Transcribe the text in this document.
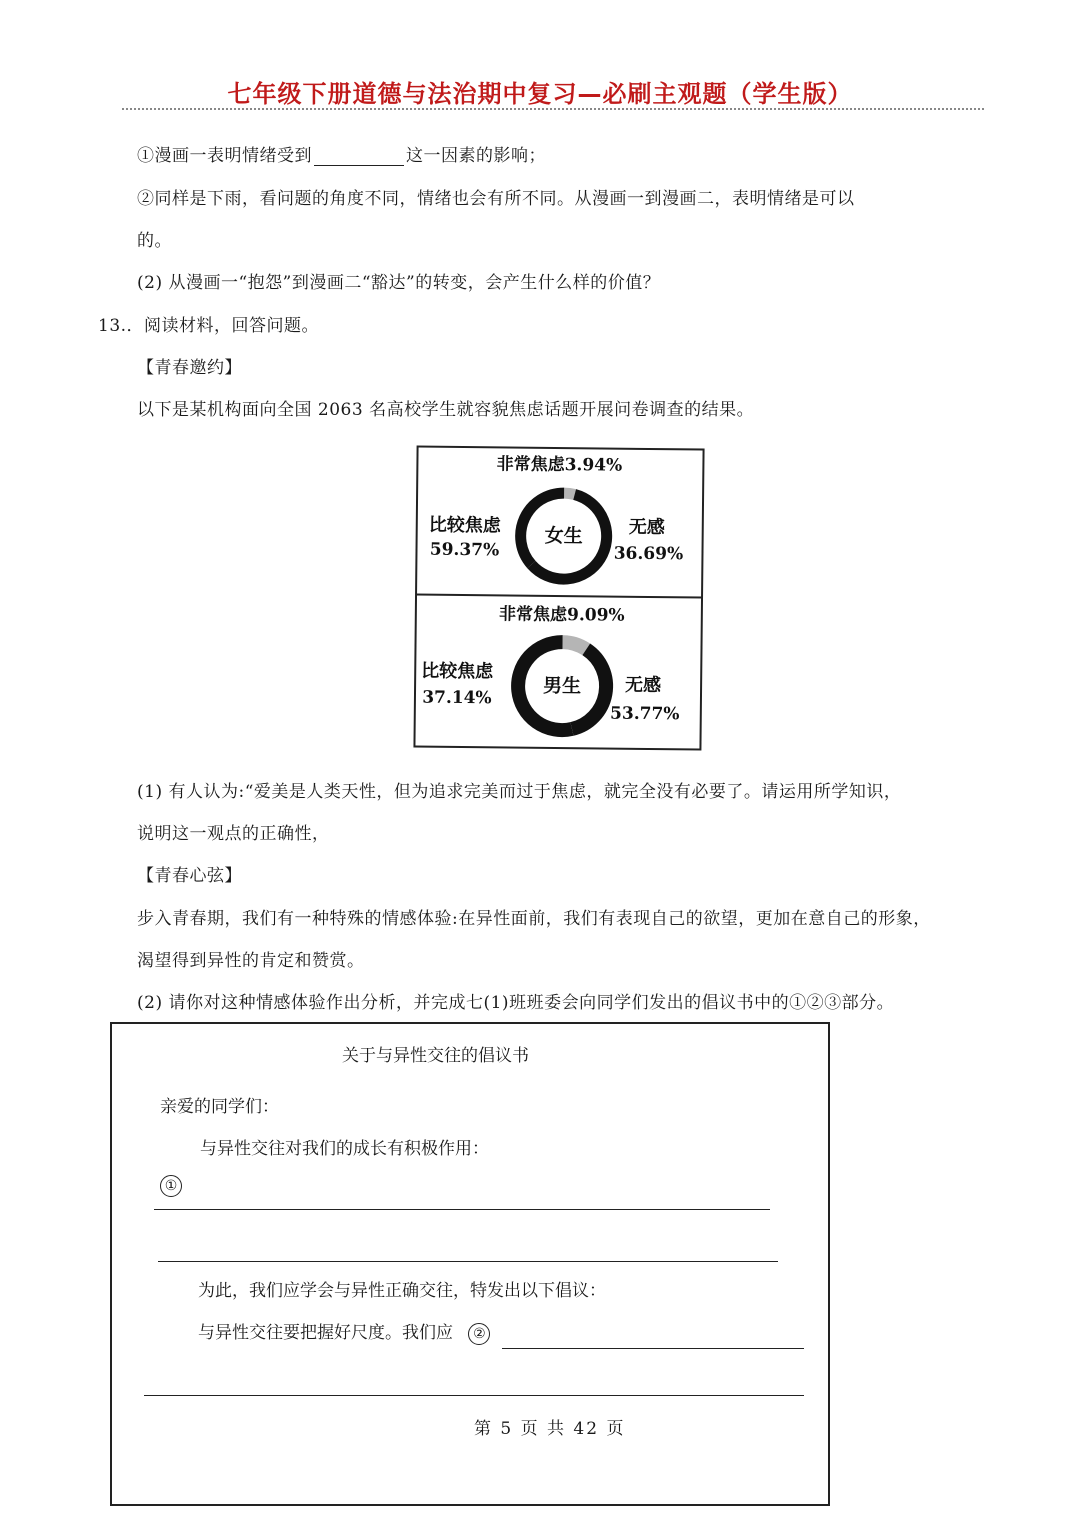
七年级下册道德与法治期中复习—必刷主观题（学生版）
①漫画一表明情绪受到	这一因素的影响；
②同样是下雨，看问题的角度不同，情绪也会有所不同。从漫画一到漫画二，表明情绪是可以
的。
(2) 从漫画一“抱怨”到漫画二“豁达”的转变，会产生什么样的价值？
13.．阅读材料，回答问题。
【青春邀约】
以下是某机构面向全国 2063 名高校学生就容貌焦虑话题开展问卷调查的结果。
非常焦虑3.94%
女生
比较焦虑
59.37%
无感
36.69%
非常焦虑9.09%
男生
比较焦虑
37.14%
无感
53.77%
(1) 有人认为:“爱美是人类天性，但为追求完美而过于焦虑，就完全没有必要了。请运用所学知识，
说明这一观点的正确性，
【青春心弦】
步入青春期，我们有一种特殊的情感体验:在异性面前，我们有表现自己的欲望，更加在意自己的形象，
渴望得到异性的肯定和赞赏。
(2) 请你对这种情感体验作出分析，并完成七(1)班班委会向同学们发出的倡议书中的①②③部分。
关于与异性交往的倡议书
亲爱的同学们：
与异性交往对我们的成长有积极作用：
①
为此，我们应学会与异性正确交往，特发出以下倡议：
与异性交往要把握好尺度。我们应 ②
第 5 页 共 42 页
